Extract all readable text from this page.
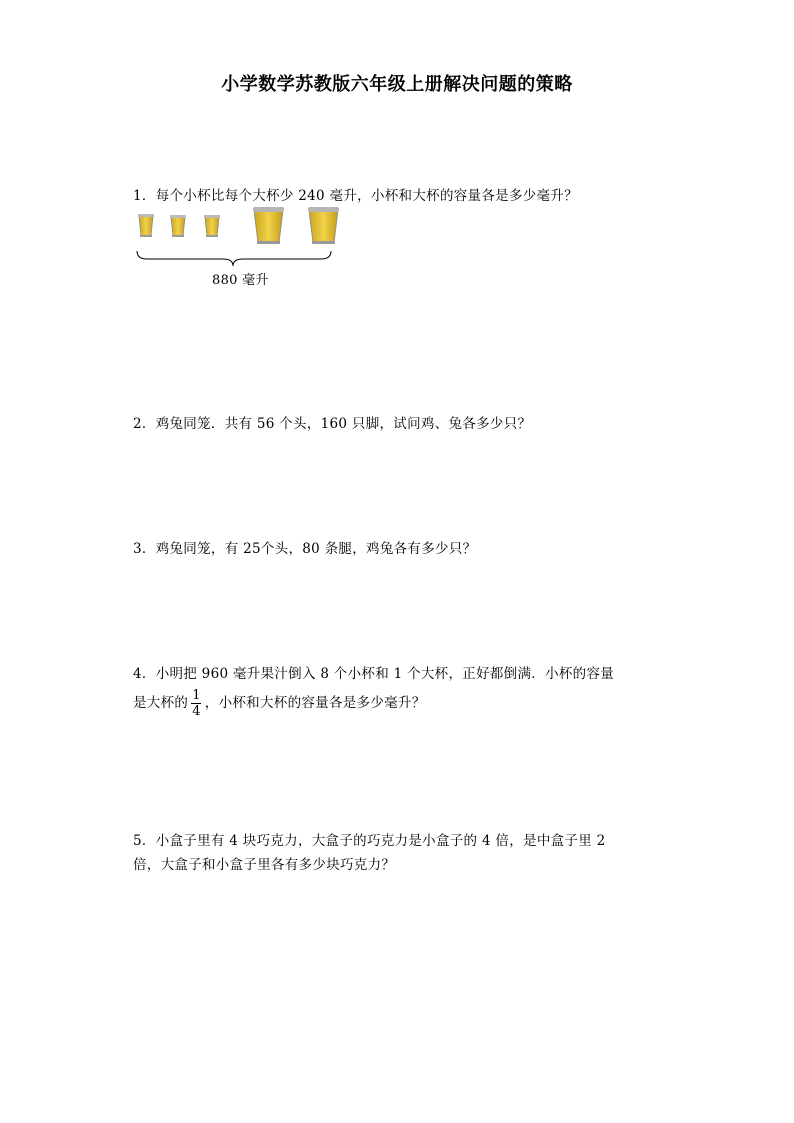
小学数学苏教版六年级上册解决问题的策略
1．每个小杯比每个大杯少 240 毫升，小杯和大杯的容量各是多少毫升？
880 毫升
2．鸡兔同笼．共有 56 个头，160 只脚，试问鸡、兔各多少只？
3．鸡兔同笼，有 25个头，80 条腿，鸡兔各有多少只？
4．小明把 960 毫升果汁倒入 8 个小杯和 1 个大杯，正好都倒满．小杯的容量
是大杯的 $\frac{1}{4}$ ，小杯和大杯的容量各是多少毫升？
5．小盒子里有 4 块巧克力，大盒子的巧克力是小盒子的 4 倍，是中盒子里 2
倍，大盒子和小盒子里各有多少块巧克力？
